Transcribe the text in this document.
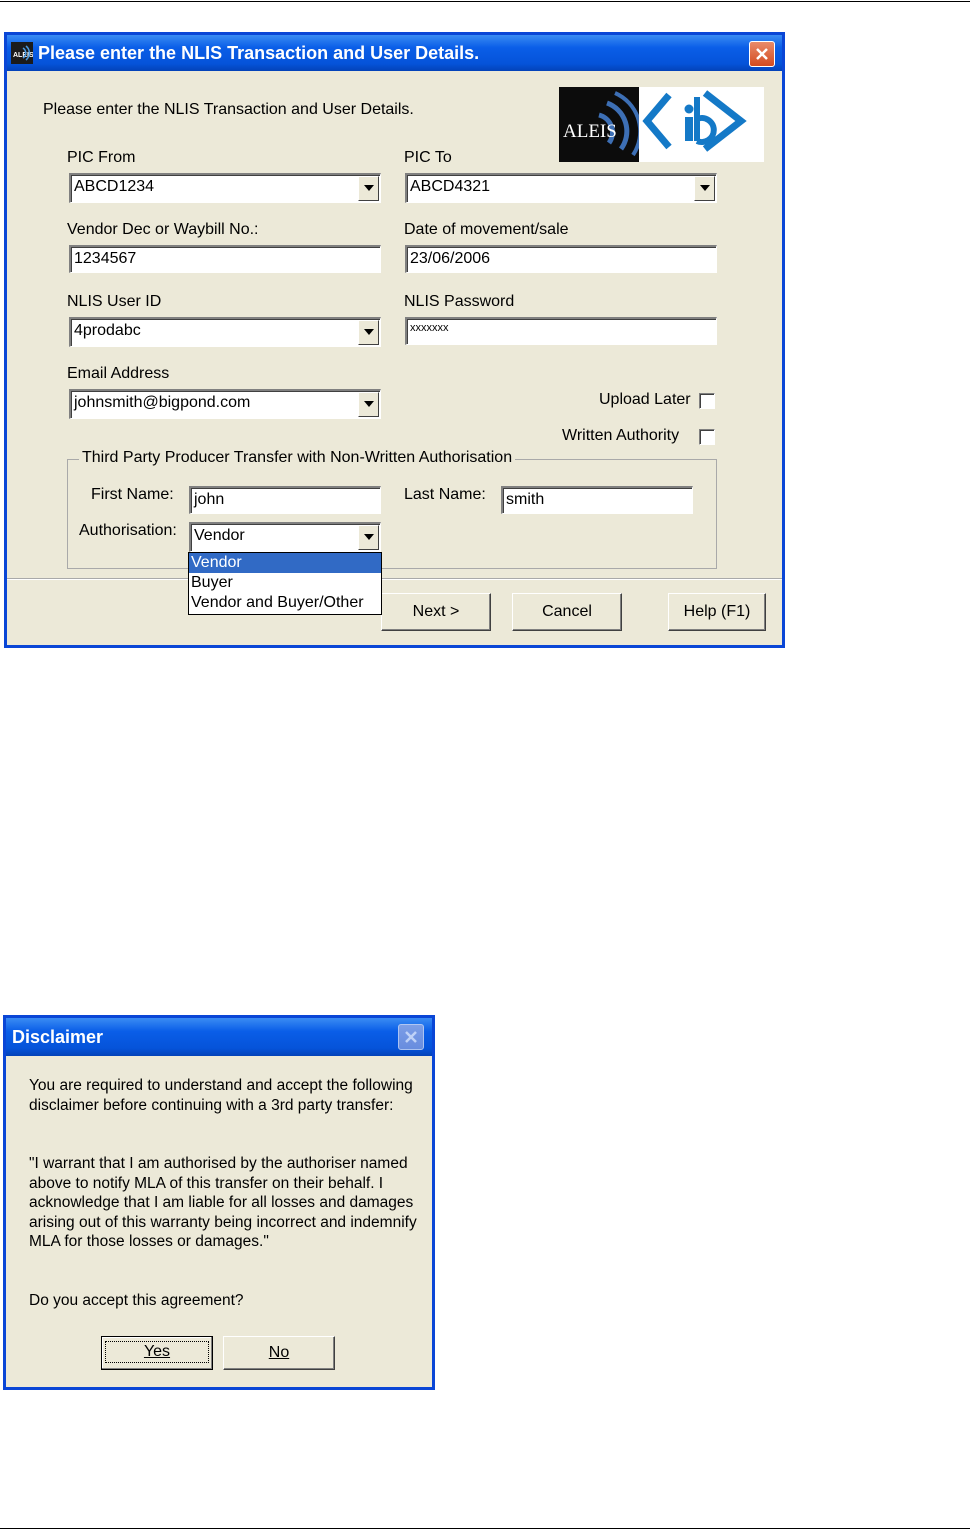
ALEIS Please enter the NLIS Transaction and User Details.
Please enter the NLIS Transaction and User Details.
ALEIS
PIC From
ABCD1234
PIC To
ABCD4321
Vendor Dec or Waybill No.:
1234567
Date of movement/sale
23/06/2006
NLIS User ID
4prodabc
NLIS Password
xxxxxxx
Email Address
johnsmith@bigpond.com	Upload Later
Written Authority
Third Party Producer Transfer with Non-Written Authorisation
First Name:	john	Last Name:	smith
Authorisation:	Vendor
Next >	Cancel	Help (F1)
Vendor
Buyer
Vendor and Buyer/Other
Disclaimer
You are required to understand and accept the following disclaimer before continuing with a 3rd party transfer:
"I warrant that I am authorised by the authoriser named above to notify MLA of this transfer on their behalf. I acknowledge that I am liable for all losses and damages arising out of this warranty being incorrect and indemnify MLA for those losses or damages."
Do you accept this agreement?
Yes	No
